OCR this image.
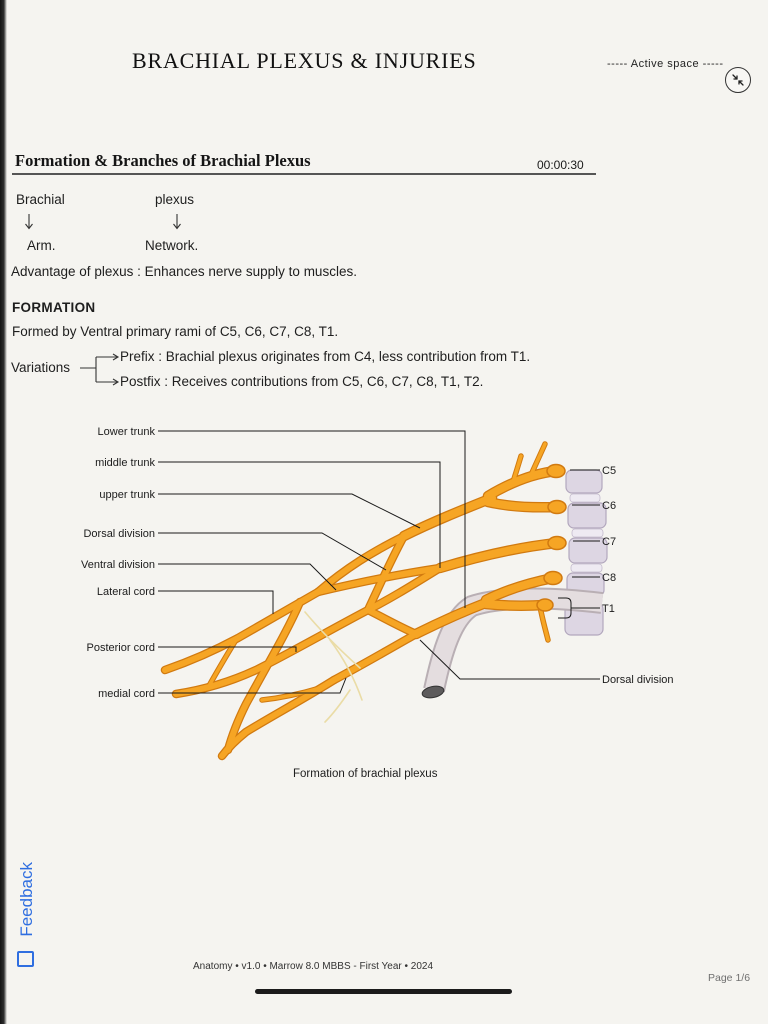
BRACHIAL PLEXUS & INJURIES	----- Active space -----
Formation & Branches of Brachial Plexus	00:00:30
Brachial
Arm.
plexus
Network.
Advantage of plexus : Enhances nerve supply to muscles.
FORMATION
Formed by Ventral primary rami of C5, C6, C7, C8, T1.
Variations
Prefix : Brachial plexus originates from C4, less contribution from T1.
Postfix : Receives contributions from C5, C6, C7, C8, T1, T2.
Lower trunk
middle trunk
upper trunk
Dorsal division
Ventral division
Lateral cord
Posterior cord
medial cord
C5
C6
C7
C8
T1
Dorsal division
Formation of brachial plexus
Feedback
Anatomy • v1.0 • Marrow 8.0 MBBS - First Year • 2024
Page 1/6
